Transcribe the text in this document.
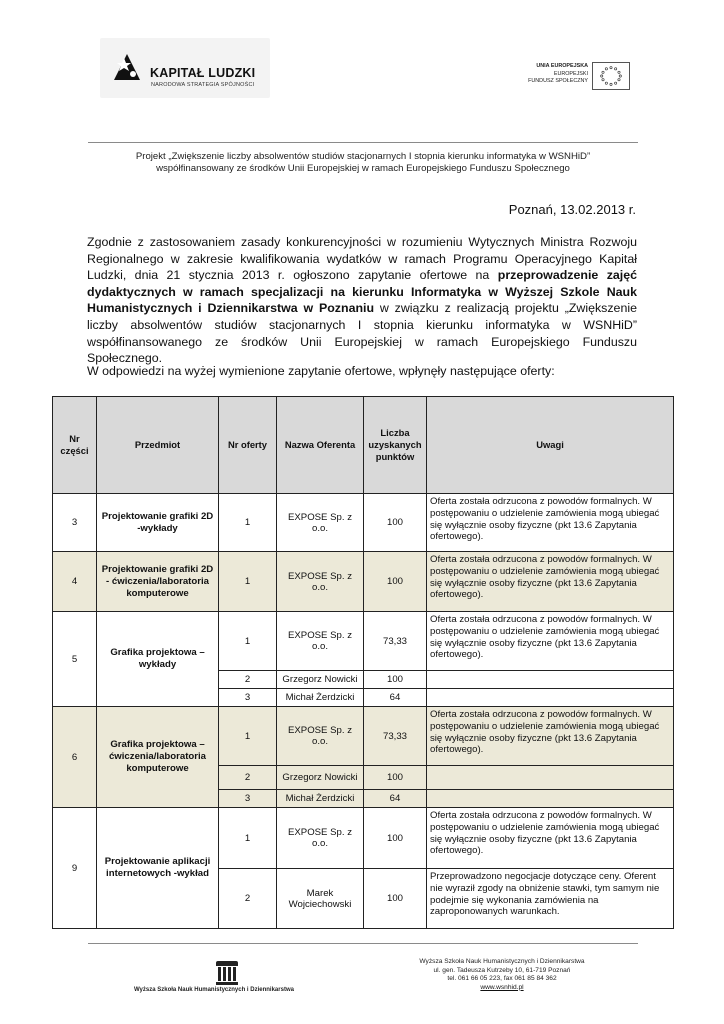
KAPITAŁ LUDZKI
NARODOWA STRATEGIA SPÓJNOŚCI
UNIA EUROPEJSKA
EUROPEJSKI
FUNDUSZ SPOŁECZNY
Projekt „Zwiększenie liczby absolwentów studiów stacjonarnych I stopnia kierunku informatyka w WSNHiD”
współfinansowany ze środków Unii Europejskiej w ramach Europejskiego Funduszu Społecznego
Poznań, 13.02.2013 r.
Zgodnie z zastosowaniem zasady konkurencyjności w rozumieniu Wytycznych Ministra Rozwoju Regionalnego w zakresie kwalifikowania wydatków w ramach Programu Operacyjnego Kapitał Ludzki, dnia 21 stycznia 2013 r. ogłoszono zapytanie ofertowe na przeprowadzenie zajęć dydaktycznych w ramach specjalizacji na kierunku Informatyka w Wyższej Szkole Nauk Humanistycznych i Dziennikarstwa w Poznaniu w związku z realizacją projektu „Zwiększenie liczby absolwentów studiów stacjonarnych I stopnia kierunku informatyka w WSNHiD” współfinansowanego ze środków Unii Europejskiej w ramach Europejskiego Funduszu Społecznego.
W odpowiedzi na wyżej wymienione zapytanie ofertowe, wpłynęły następujące oferty:
Nr części	Przedmiot	Nr oferty	Nazwa Oferenta	Liczba uzyskanych punktów	Uwagi
3	Projektowanie grafiki 2D -wykłady	1	EXPOSE Sp. z o.o.	100	Oferta została odrzucona z powodów formalnych. W postępowaniu o udzielenie zamówienia mogą ubiegać się wyłącznie osoby fizyczne (pkt 13.6 Zapytania ofertowego).
4	Projektowanie grafiki 2D - ćwiczenia/laboratoria komputerowe	1	EXPOSE Sp. z o.o.	100	Oferta została odrzucona z powodów formalnych. W postępowaniu o udzielenie zamówienia mogą ubiegać się wyłącznie osoby fizyczne (pkt 13.6 Zapytania ofertowego).
5	Grafika projektowa – wykłady	1	EXPOSE Sp. z o.o.	73,33	Oferta została odrzucona z powodów formalnych. W postępowaniu o udzielenie zamówienia mogą ubiegać się wyłącznie osoby fizyczne (pkt 13.6 Zapytania ofertowego).
		2	Grzegorz Nowicki	100	
		3	Michał Żerdzicki	64	
6	Grafika projektowa – ćwiczenia/laboratoria komputerowe	1	EXPOSE Sp. z o.o.	73,33	Oferta została odrzucona z powodów formalnych. W postępowaniu o udzielenie zamówienia mogą ubiegać się wyłącznie osoby fizyczne (pkt 13.6 Zapytania ofertowego).
		2	Grzegorz Nowicki	100	
		3	Michał Żerdzicki	64	
9	Projektowanie aplikacji internetowych -wykład	1	EXPOSE Sp. z o.o.	100	Oferta została odrzucona z powodów formalnych. W postępowaniu o udzielenie zamówienia mogą ubiegać się wyłącznie osoby fizyczne (pkt 13.6 Zapytania ofertowego).
		2	Marek Wojciechowski	100	Przeprowadzono negocjacje dotyczące ceny. Oferent nie wyraził zgody na obniżenie stawki, tym samym nie podejmie się wykonania zamówienia na zaproponowanych warunkach.
Wyższa Szkoła Nauk Humanistycznych i Dziennikarstwa
Wyższa Szkoła Nauk Humanistycznych i Dziennikarstwa
ul. gen. Tadeusza Kutrzeby 10, 61-719 Poznań
tel. 061 66 05 223, fax 061 85 84 362
www.wsnhid.pl
